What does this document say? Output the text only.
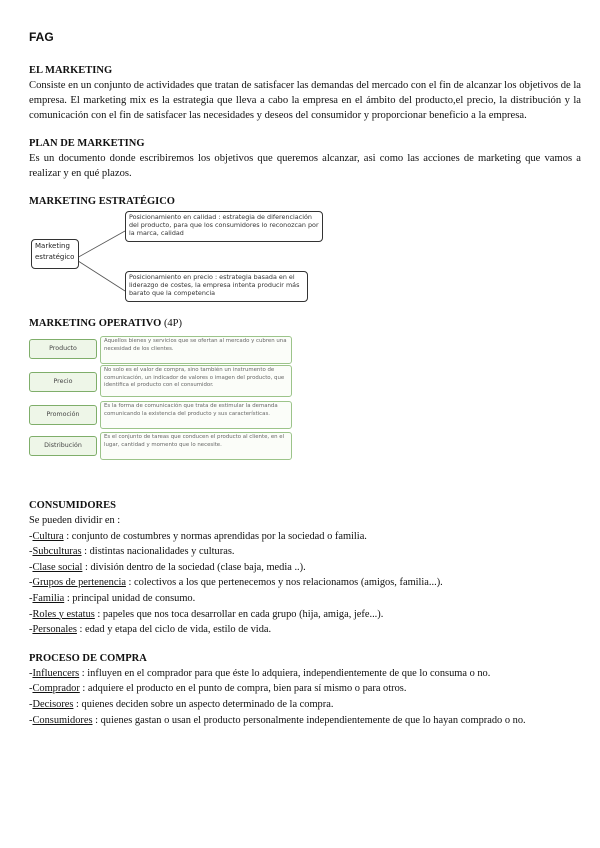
FAG
EL MARKETING

Consiste en un conjunto de actividades que tratan de satisfacer las demandas del mercado con el fin de alcanzar los objetivos de la empresa. El marketing mix es la estrategia que lleva a cabo la empresa en el ámbito del producto,el precio, la distribución y la comunicación con el fin de satisfacer las necesidades y deseos del consumidor y proporcionar beneficio a la empresa.

PLAN DE MARKETING

Es un documento donde escribiremos los objetivos que queremos alcanzar, asi como las acciones de marketing que vamos a realizar y en qué plazos.

MARKETING ESTRATÉGICO
Marketing estratégico
Posicionamiento en calidad : estrategia de diferenciación del producto, para que los consumidores lo reconozcan por la marca, calidad
Posicionamiento en precio : estrategia basada en el liderazgo de costes, la empresa intenta producir más barato que la competencia
MARKETING OPERATIVO (4P)
Producto
Aquellos bienes y servicios que se ofertan al mercado y cubren una necesidad de los clientes.
Precio
No solo es el valor de compra, sino también un instrumento de comunicación, un indicador de valores o imagen del producto, que identifica el producto con el consumidor.
Promoción
Es la forma de comunicación que trata de estimular la demanda comunicando la existencia del producto y sus características.
Distribución
Es el conjunto de tareas que conducen el producto al cliente, en el lugar, cantidad y momento que lo necesite.
CONSUMIDORES
Se pueden dividir en :
-Cultura : conjunto de costumbres y normas aprendidas por la sociedad o familia.
-Subculturas : distintas nacionalidades y culturas.
-Clase social : división dentro de la sociedad (clase baja, media ..).
-Grupos de pertenencia : colectivos a los que pertenecemos y nos relacionamos (amigos, familia...).
-Familia : principal unidad de consumo.
-Roles y estatus : papeles que nos toca desarrollar en cada grupo (hija, amiga, jefe...).
-Personales : edad y etapa del ciclo de vida, estilo de vida.
PROCESO DE COMPRA
-Influencers : influyen en el comprador para que éste lo adquiera, independientemente de que lo consuma o no.
-Comprador : adquiere el producto en el punto de compra, bien para sí mismo o para otros.
-Decisores : quienes deciden sobre un aspecto determinado de la compra.
-Consumidores : quienes gastan o usan el producto personalmente independientemente de que lo hayan comprado o no.
